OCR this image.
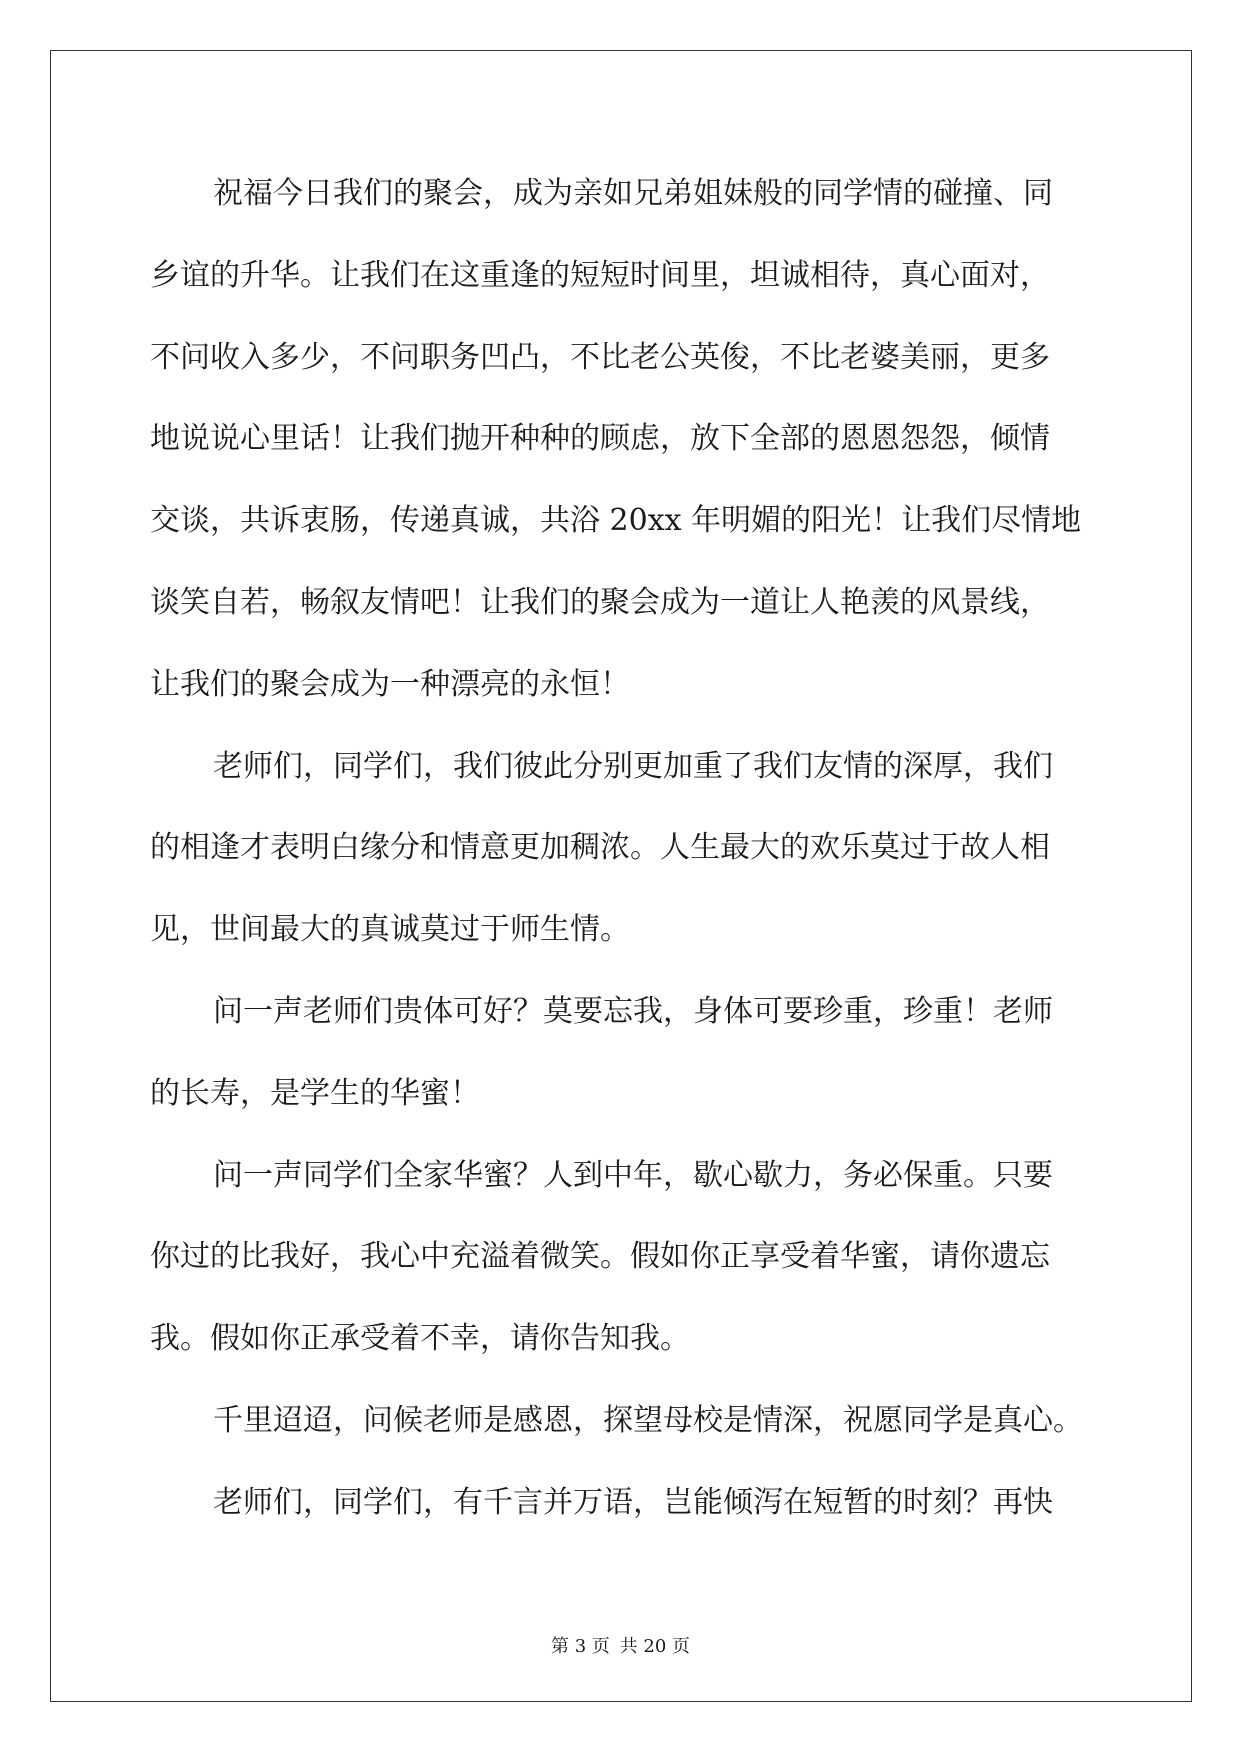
祝福今日我们的聚会，成为亲如兄弟姐妹般的同学情的碰撞、同
乡谊的升华。让我们在这重逢的短短时间里，坦诚相待，真心面对，
不问收入多少，不问职务凹凸，不比老公英俊，不比老婆美丽，更多
地说说心里话！让我们抛开种种的顾虑，放下全部的恩恩怨怨，倾情
交谈，共诉衷肠，传递真诚，共浴 20xx 年明媚的阳光！让我们尽情地
谈笑自若，畅叙友情吧！让我们的聚会成为一道让人艳羡的风景线，
让我们的聚会成为一种漂亮的永恒！
老师们，同学们，我们彼此分别更加重了我们友情的深厚，我们
的相逢才表明白缘分和情意更加稠浓。人生最大的欢乐莫过于故人相
见，世间最大的真诚莫过于师生情。
问一声老师们贵体可好？莫要忘我，身体可要珍重，珍重！老师
的长寿，是学生的华蜜！
问一声同学们全家华蜜？人到中年，歇心歇力，务必保重。只要
你过的比我好，我心中充溢着微笑。假如你正享受着华蜜，请你遗忘
我。假如你正承受着不幸，请你告知我。
千里迢迢，问候老师是感恩，探望母校是情深，祝愿同学是真心。
老师们，同学们，有千言并万语，岂能倾泻在短暂的时刻？再快
第 3 页 共 20 页
